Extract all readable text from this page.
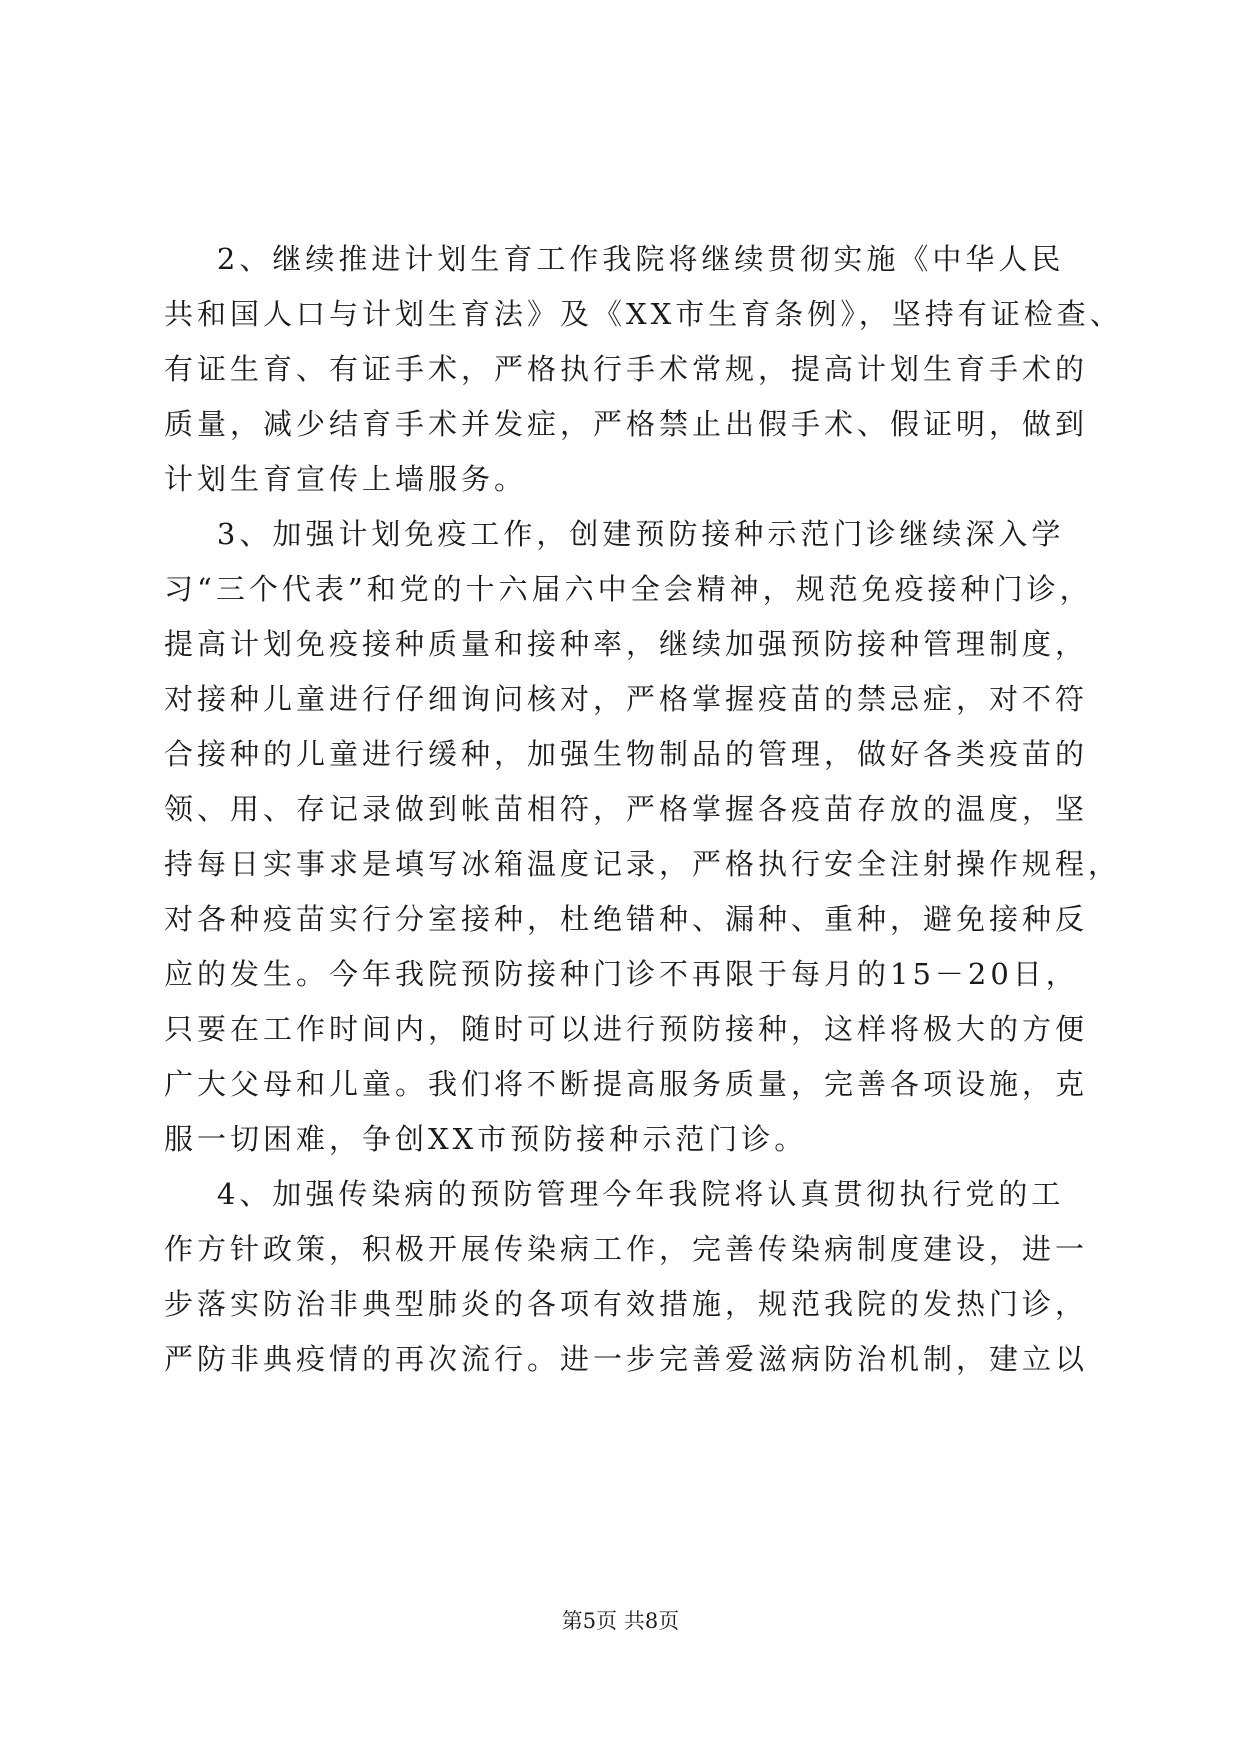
2、继续推进计划生育工作我院将继续贯彻实施《中华人民
共和国人口与计划生育法》及《XX市生育条例》，坚持有证检查、
有证生育、有证手术，严格执行手术常规，提高计划生育手术的
质量，减少结育手术并发症，严格禁止出假手术、假证明，做到
计划生育宣传上墙服务。
3、加强计划免疫工作，创建预防接种示范门诊继续深入学
习“三个代表”和党的十六届六中全会精神，规范免疫接种门诊，
提高计划免疫接种质量和接种率，继续加强预防接种管理制度，
对接种儿童进行仔细询问核对，严格掌握疫苗的禁忌症，对不符
合接种的儿童进行缓种，加强生物制品的管理，做好各类疫苗的
领、用、存记录做到帐苗相符，严格掌握各疫苗存放的温度，坚
持每日实事求是填写冰箱温度记录，严格执行安全注射操作规程，
对各种疫苗实行分室接种，杜绝错种、漏种、重种，避免接种反
应的发生。今年我院预防接种门诊不再限于每月的15－20日，
只要在工作时间内，随时可以进行预防接种，这样将极大的方便
广大父母和儿童。我们将不断提高服务质量，完善各项设施，克
服一切困难，争创XX市预防接种示范门诊。
4、加强传染病的预防管理今年我院将认真贯彻执行党的工
作方针政策，积极开展传染病工作，完善传染病制度建设，进一
步落实防治非典型肺炎的各项有效措施，规范我院的发热门诊，
严防非典疫情的再次流行。进一步完善爱滋病防治机制，建立以
第5页 共8页
